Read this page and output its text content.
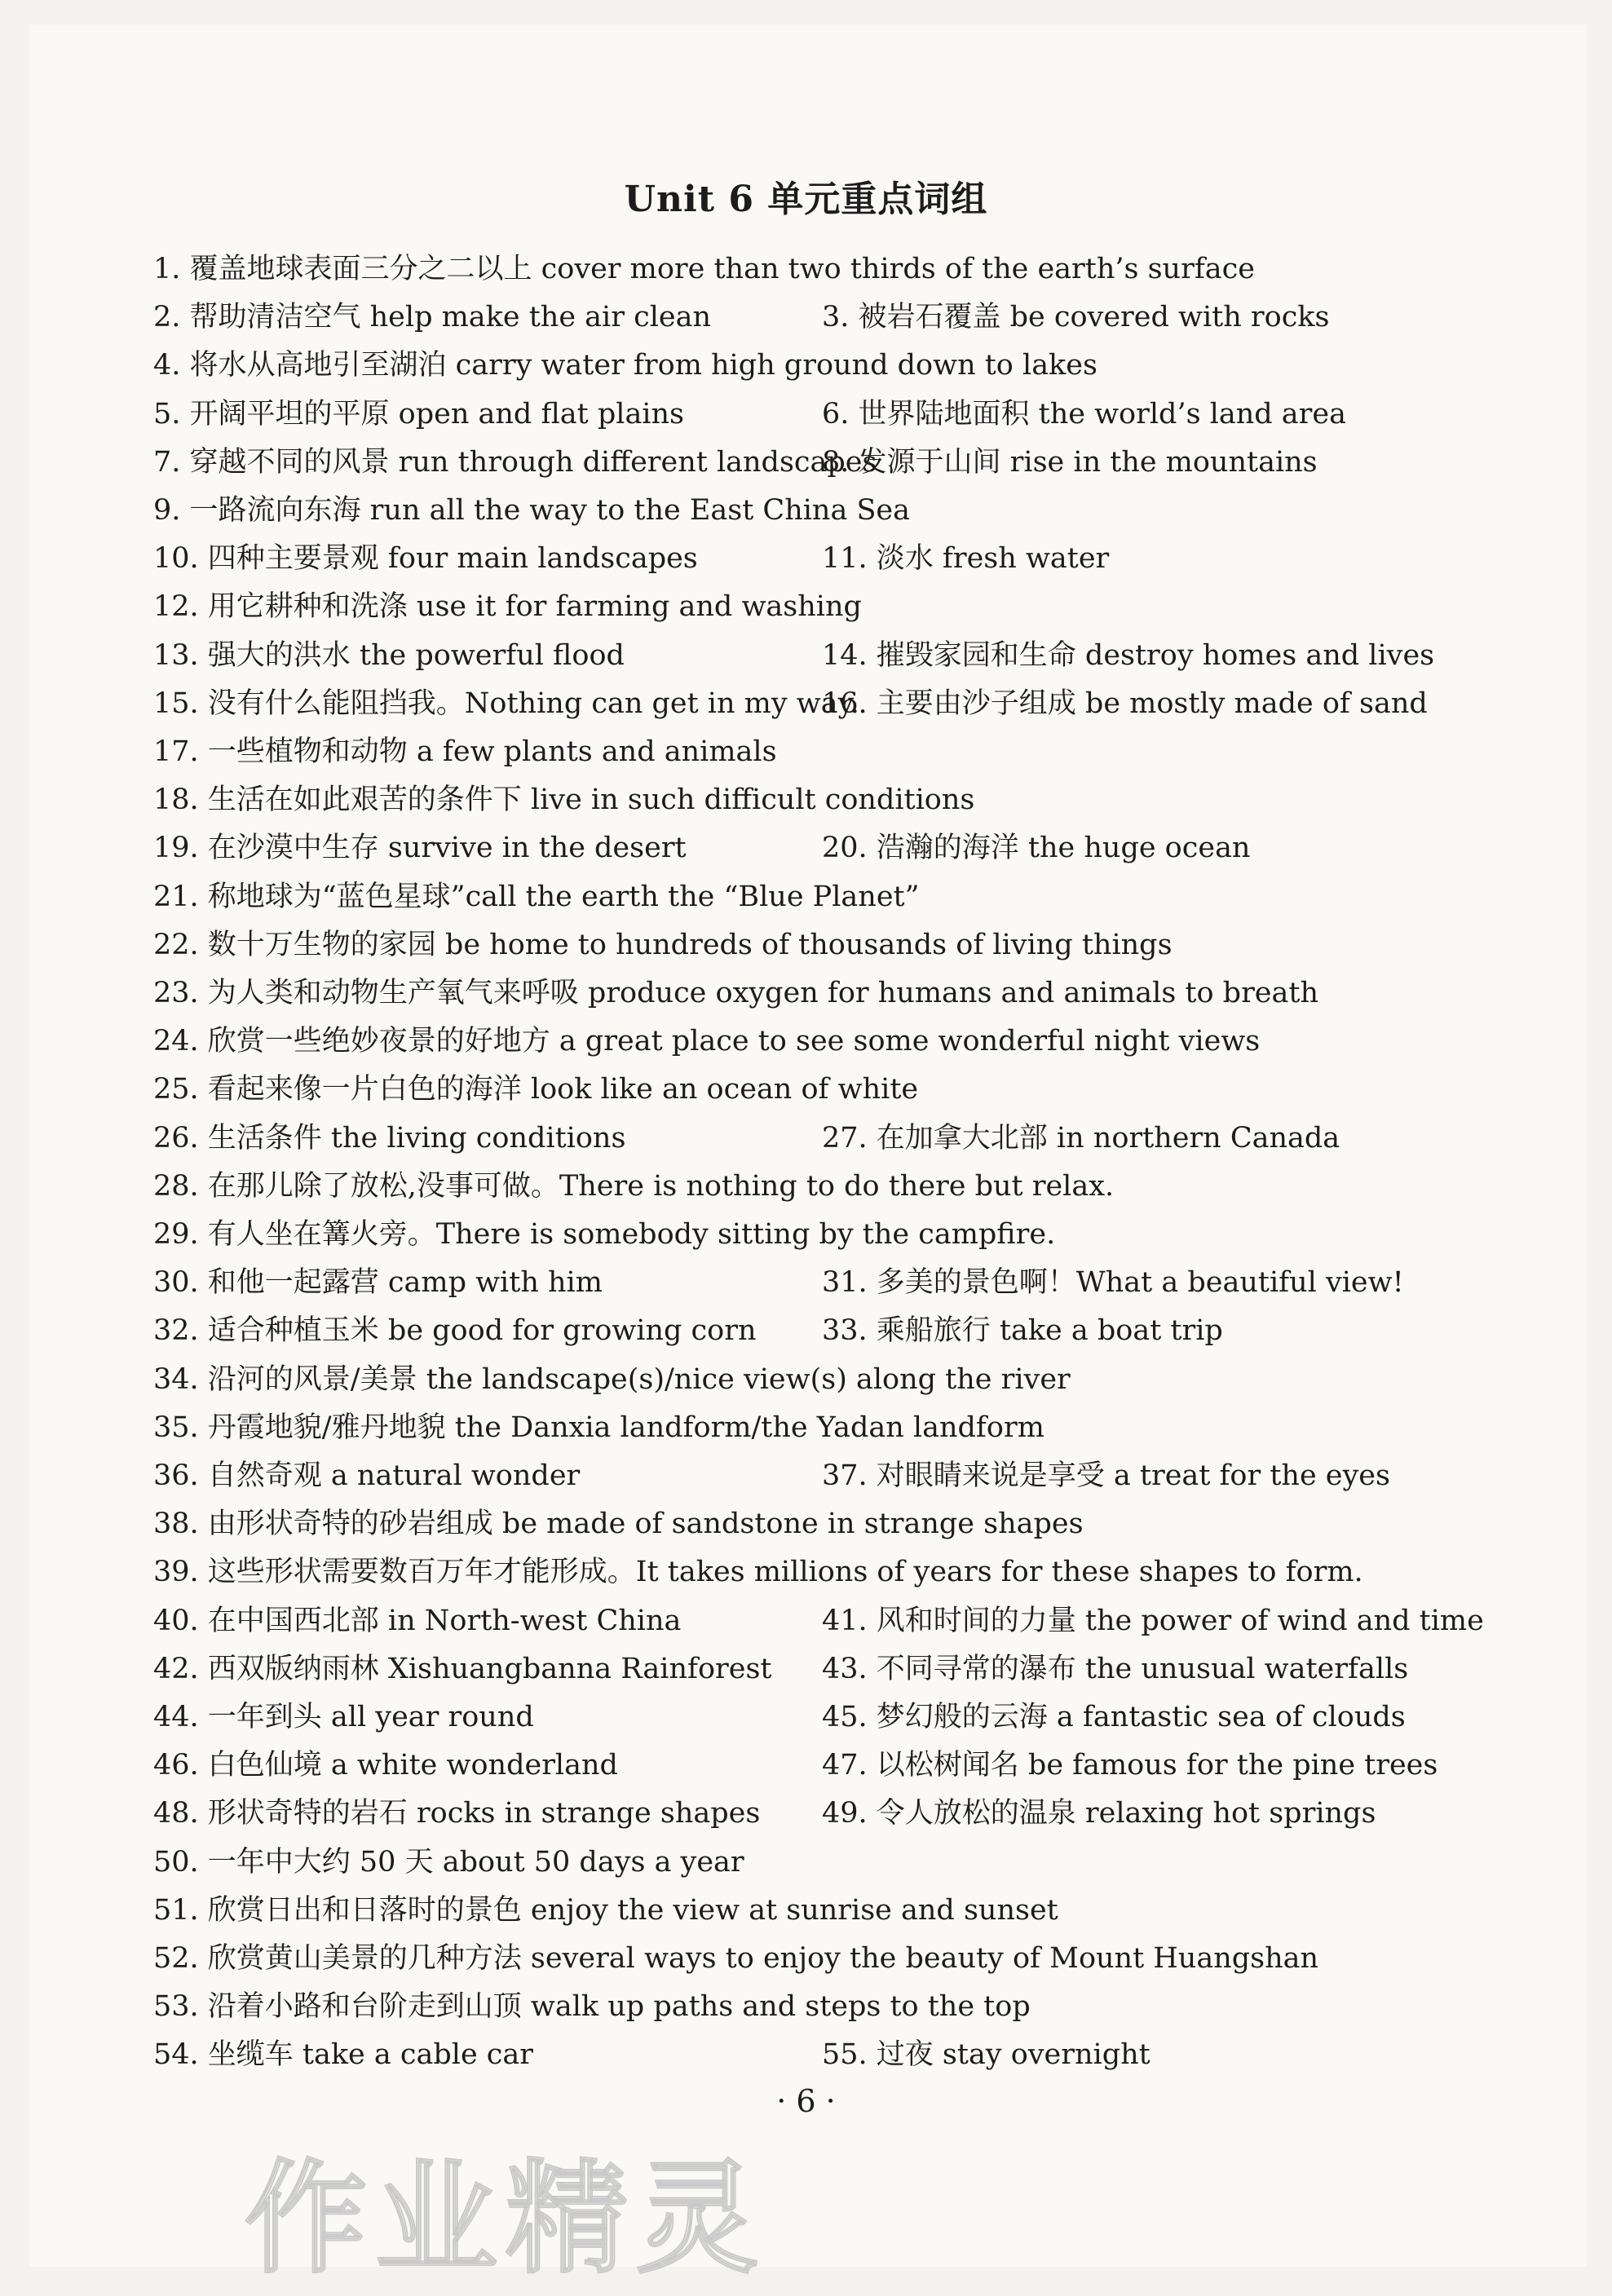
Unit 6 单元重点词组
1. 覆盖地球表面三分之二以上 cover more than two thirds of the earth’s surface
2. 帮助清洁空气 help make the air clean	3. 被岩石覆盖 be covered with rocks
4. 将水从高地引至湖泊 carry water from high ground down to lakes
5. 开阔平坦的平原 open and flat plains	6. 世界陆地面积 the world’s land area
7. 穿越不同的风景 run through different landscapes
8. 发源于山间 rise in the mountains
9. 一路流向东海 run all the way to the East China Sea
10. 四种主要景观 four main landscapes	11. 淡水 fresh water
12. 用它耕种和洗涤 use it for farming and washing
13. 强大的洪水 the powerful flood	14. 摧毁家园和生命 destroy homes and lives
15. 没有什么能阻挡我。Nothing can get in my way.
16. 主要由沙子组成 be mostly made of sand
17. 一些植物和动物 a few plants and animals
18. 生活在如此艰苦的条件下 live in such difficult conditions
19. 在沙漠中生存 survive in the desert	20. 浩瀚的海洋 the huge ocean
21. 称地球为“蓝色星球”call the earth the “Blue Planet”
22. 数十万生物的家园 be home to hundreds of thousands of living things
23. 为人类和动物生产氧气来呼吸 produce oxygen for humans and animals to breath
24. 欣赏一些绝妙夜景的好地方 a great place to see some wonderful night views
25. 看起来像一片白色的海洋 look like an ocean of white
26. 生活条件 the living conditions	27. 在加拿大北部 in northern Canada
28. 在那儿除了放松,没事可做。There is nothing to do there but relax.
29. 有人坐在篝火旁。There is somebody sitting by the campfire.
30. 和他一起露营 camp with him	31. 多美的景色啊！What a beautiful view!
32. 适合种植玉米 be good for growing corn 33. 乘船旅行 take a boat trip
34. 沿河的风景/美景 the landscape(s)/nice view(s) along the river
35. 丹霞地貌/雅丹地貌 the Danxia landform/the Yadan landform
36. 自然奇观 a natural wonder	37. 对眼睛来说是享受 a treat for the eyes
38. 由形状奇特的砂岩组成 be made of sandstone in strange shapes
39. 这些形状需要数百万年才能形成。It takes millions of years for these shapes to form.
40. 在中国西北部 in North-west China	41. 风和时间的力量 the power of wind and time
42. 西双版纳雨林 Xishuangbanna Rainforest 43. 不同寻常的瀑布 the unusual waterfalls
44. 一年到头 all year round	45. 梦幻般的云海 a fantastic sea of clouds
46. 白色仙境 a white wonderland	47. 以松树闻名 be famous for the pine trees
48. 形状奇特的岩石 rocks in strange shapes 49. 令人放松的温泉 relaxing hot springs
50. 一年中大约 50 天 about 50 days a year
51. 欣赏日出和日落时的景色 enjoy the view at sunrise and sunset
52. 欣赏黄山美景的几种方法 several ways to enjoy the beauty of Mount Huangshan
53. 沿着小路和台阶走到山顶 walk up paths and steps to the top
54. 坐缆车 take a cable car	55. 过夜 stay overnight
· 6 ·
作业精灵
